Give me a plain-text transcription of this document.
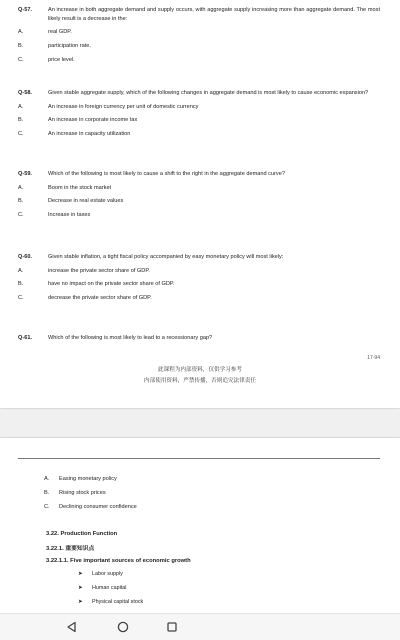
Q-57.	An increase in both aggregate demand and supply occurs, with aggregate supply increasing more than aggregate demand. The most likely result is a decrease in the:
A.	real GDP.
B.	participation rate.
C.	price level.
Q-58.	Given stable aggregate supply, which of the following changes in aggregate demand is most likely to cause economic expansion?
A.	An increase in foreign currency per unit of domestic currency
B.	An increase in corporate income tax
C.	An increase in capacity utilization
Q-59.	Which of the following is most likely to cause a shift to the right in the aggregate demand curve?
A.	Boom in the stock market
B.	Decrease in real estate values
C.	Increase in taxes
Q-60.	Given stable inflation, a tight fiscal policy accompanied by easy monetary policy will most likely:
A.	increase the private sector share of GDP.
B.	have no impact on the private sector share of GDP.
C.	decrease the private sector share of GDP.
Q-61.	Which of the following is most likely to lead to a recessionary gap?
17-94
此课程为内部资料，仅供学习参考
内部使用资料，严禁传播，否则追究法律责任
A.	Easing monetary policy
B.	Rising stock prices
C.	Declining consumer confidence
3.22. Production Function
3.22.1. 重要知识点
3.22.1.1. Five important sources of economic growth
➤	Labor supply
➤	Human capital
➤	Physical capital stock
